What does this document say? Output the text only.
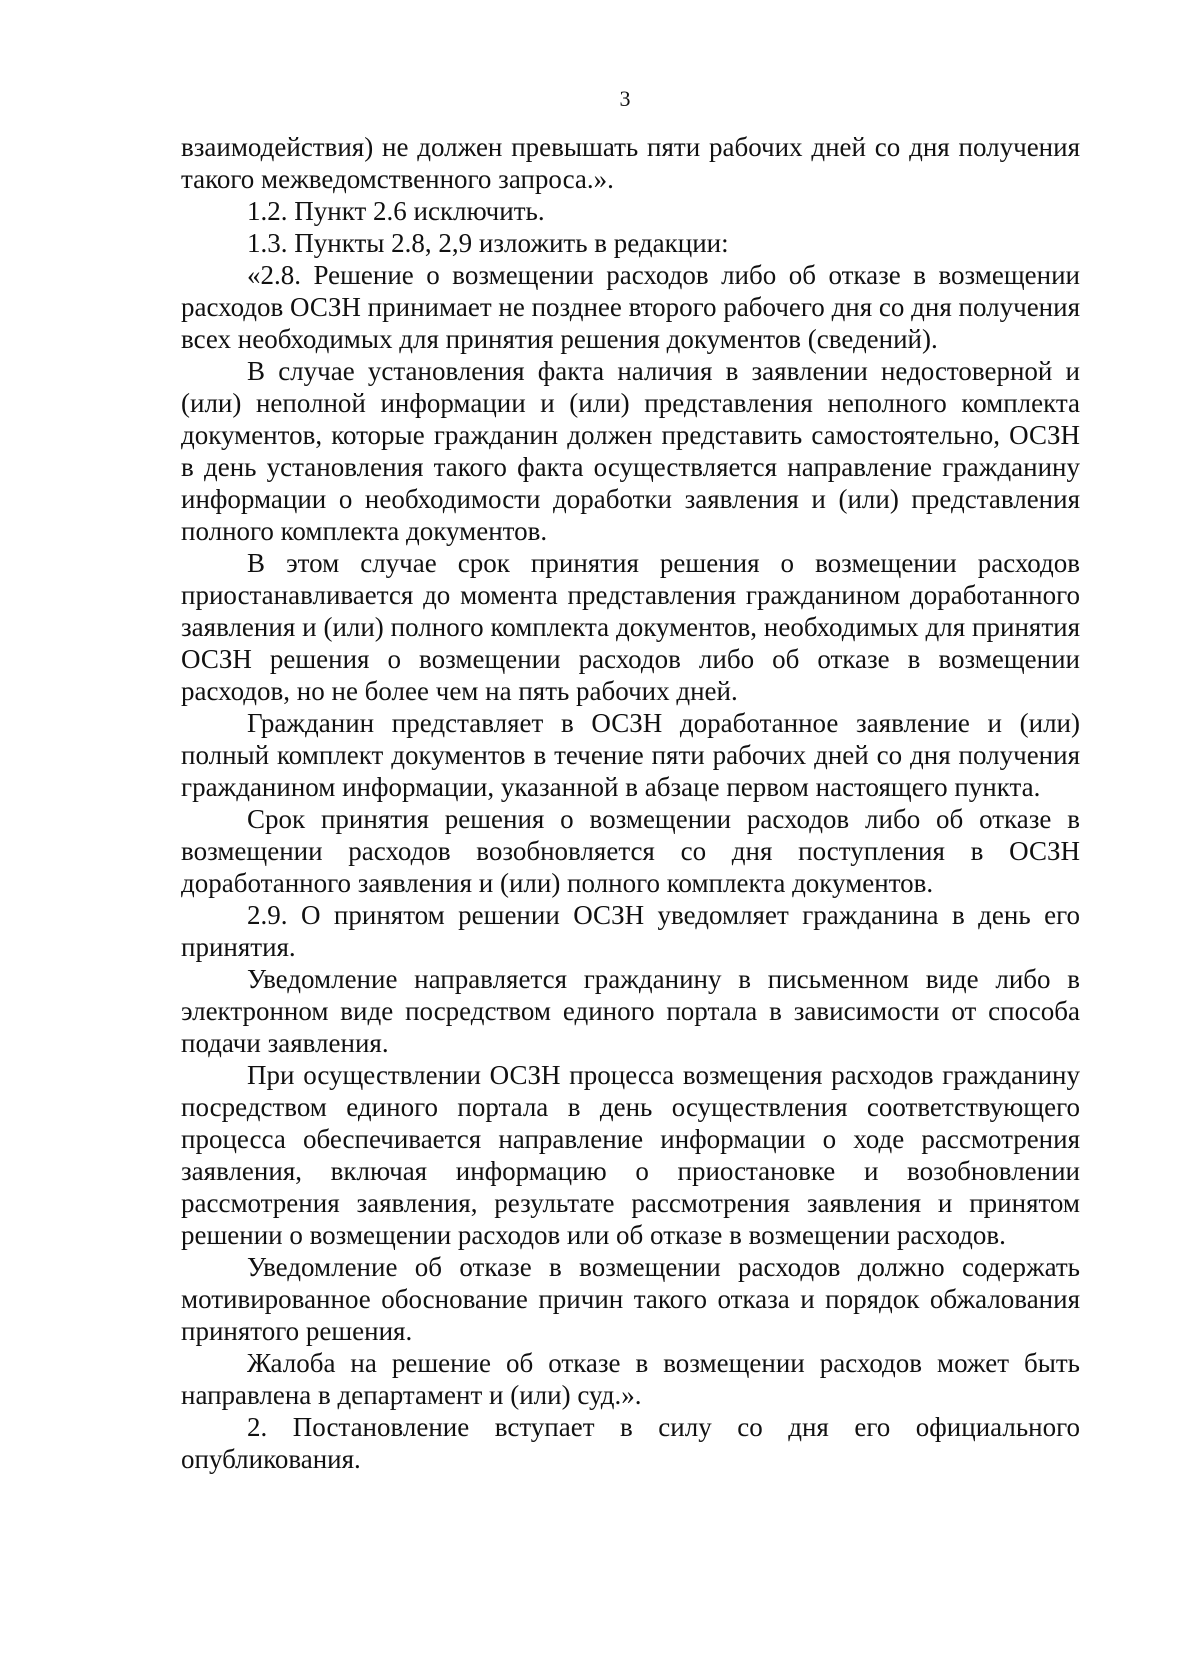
3

взаимодействия) не должен превышать пяти рабочих дней со дня получения такого межведомственного запроса.».

1.2. Пункт 2.6 исключить.

1.3. Пункты 2.8, 2,9 изложить в редакции:

«2.8. Решение о возмещении расходов либо об отказе в возмещении расходов ОСЗН принимает не позднее второго рабочего дня со дня получения всех необходимых для принятия решения документов (сведений).

В случае установления факта наличия в заявлении недостоверной и (или) неполной информации и (или) представления неполного комплекта документов, которые гражданин должен представить самостоятельно, ОСЗН в день установления такого факта осуществляется направление гражданину информации о необходимости доработки заявления и (или) представления полного комплекта документов.

В этом случае срок принятия решения о возмещении расходов приостанавливается до момента представления гражданином доработанного заявления и (или) полного комплекта документов, необходимых для принятия ОСЗН решения о возмещении расходов либо об отказе в возмещении расходов, но не более чем на пять рабочих дней.

Гражданин представляет в ОСЗН доработанное заявление и (или) полный комплект документов в течение пяти рабочих дней со дня получения гражданином информации, указанной в абзаце первом настоящего пункта.

Срок принятия решения о возмещении расходов либо об отказе в возмещении расходов возобновляется со дня поступления в ОСЗН доработанного заявления и (или) полного комплекта документов.

2.9. О принятом решении ОСЗН уведомляет гражданина в день его принятия.

Уведомление направляется гражданину в письменном виде либо в электронном виде посредством единого портала в зависимости от способа подачи заявления.

При осуществлении ОСЗН процесса возмещения расходов гражданину посредством единого портала в день осуществления соответствующего процесса обеспечивается направление информации о ходе рассмотрения заявления, включая информацию о приостановке и возобновлении рассмотрения заявления, результате рассмотрения заявления и принятом решении о возмещении расходов или об отказе в возмещении расходов.

Уведомление об отказе в возмещении расходов должно содержать мотивированное обоснование причин такого отказа и порядок обжалования принятого решения.

Жалоба на решение об отказе в возмещении расходов может быть направлена в департамент и (или) суд.».

2. Постановление вступает в силу со дня его официального опубликования.
